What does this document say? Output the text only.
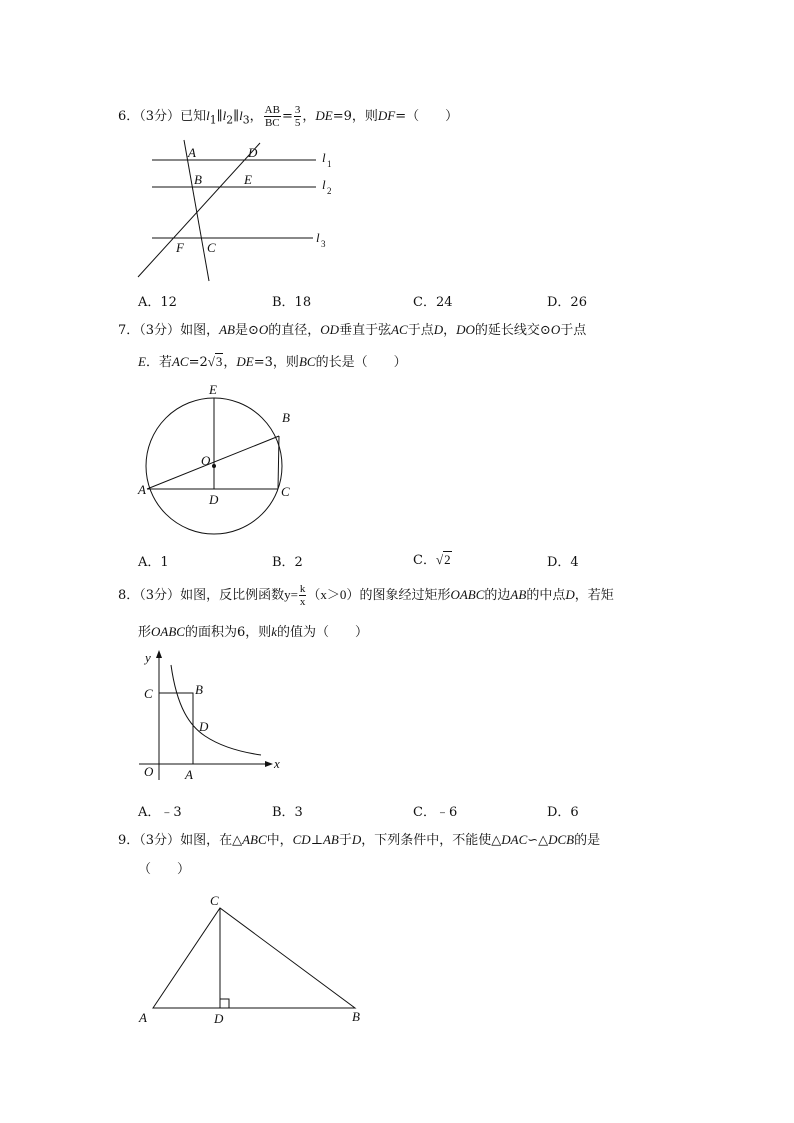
6．（3分）已知$l_1\parallel l_2\parallel l_3$， $\frac{AB}{BC} = \frac{3}{5}$ ，DE=9，则DF=（　　）
A	D
B	E
F C
l 1
l 2
l 3
A．12	B．18	C．24	D．26
7．（3分）如图，AB是⊙O的直径，OD垂直于弦AC于点D，DO的延长线交⊙O于点
E．若AC=2√3，DE=3，则BC的长是（　　）
E
B
O
A
D
C
A．1	B．2	C．√2	D．4
8．（3分）如图，反比例函数$y= \frac{k}{x} (x>0)$的图象经过矩形OABC的边AB的中点D，若矩
形OABC的面积为6，则k的值为（　　）
y
x
C	B
D
O A
A．﹣3	B．3	C．﹣6	D．6
9．（3分）如图，在△ABC中，CD⊥AB于D，下列条件中，不能使△DAC∽△DCB的是
（　　）
C
A	D	B
